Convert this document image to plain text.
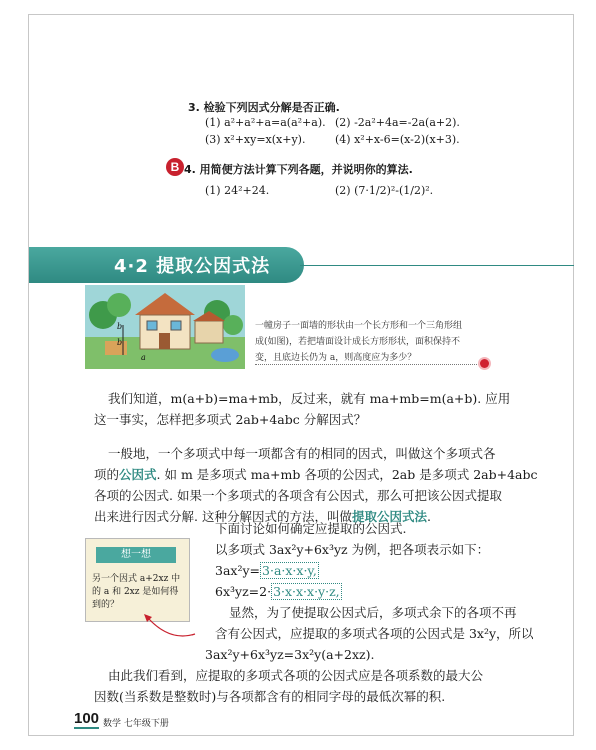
3. 检验下列因式分解是否正确.
(1) a²+a²+a=a(a²+a). (2) -2a²+4a=-2a(a+2).
(3) x²+xy=x(x+y).	(4) x²+x-6=(x-2)(x+3).
B 4. 用简便方法计算下列各题，并说明你的算法.
(1) 24²+24.	(2) (7·1/2)²-(1/2)².
4·2 提取公因式法
b
b
a
一幢房子一面墙的形状由一个长方形和一个三角形组成(如图)，若把墙面设计成长方形形状，面积保持不变，且底边长仍为 a，则高度应为多少？
我们知道，m(a+b)=ma+mb，反过来，就有 ma+mb=m(a+b). 应用
这一事实，怎样把多项式 2ab+4abc 分解因式？
一般地，一个多项式中每一项都含有的相同的因式，叫做这个多项式各
项的公因式. 如 m 是多项式 ma+mb 各项的公因式，2ab 是多项式 2ab+4abc
各项的公因式. 如果一个多项式的各项含有公因式，那么可把该公因式提取
出来进行因式分解. 这种分解因式的方法，叫做提取公因式法.
想一想
另一个因式 a+2xz 中的 a 和 2xz 是如何得到的？
下面讨论如何确定应提取的公因式.
以多项式 3ax²y+6x³yz 为例，把各项表示如下：
3ax²y= 3·a·x·x·y,
6x³yz=2· 3·x·x·x·y·z,
显然，为了使提取公因式后，多项式余下的各项不再
含有公因式，应提取的多项式各项的公因式是 3x²y，所以
3ax²y+6x³yz=3x²y(a+2xz).
由此我们看到，应提取的多项式各项的公因式应是各项系数的最大公
因数(当系数是整数时)与各项都含有的相同字母的最低次幂的积.
100 数学 七年级下册
